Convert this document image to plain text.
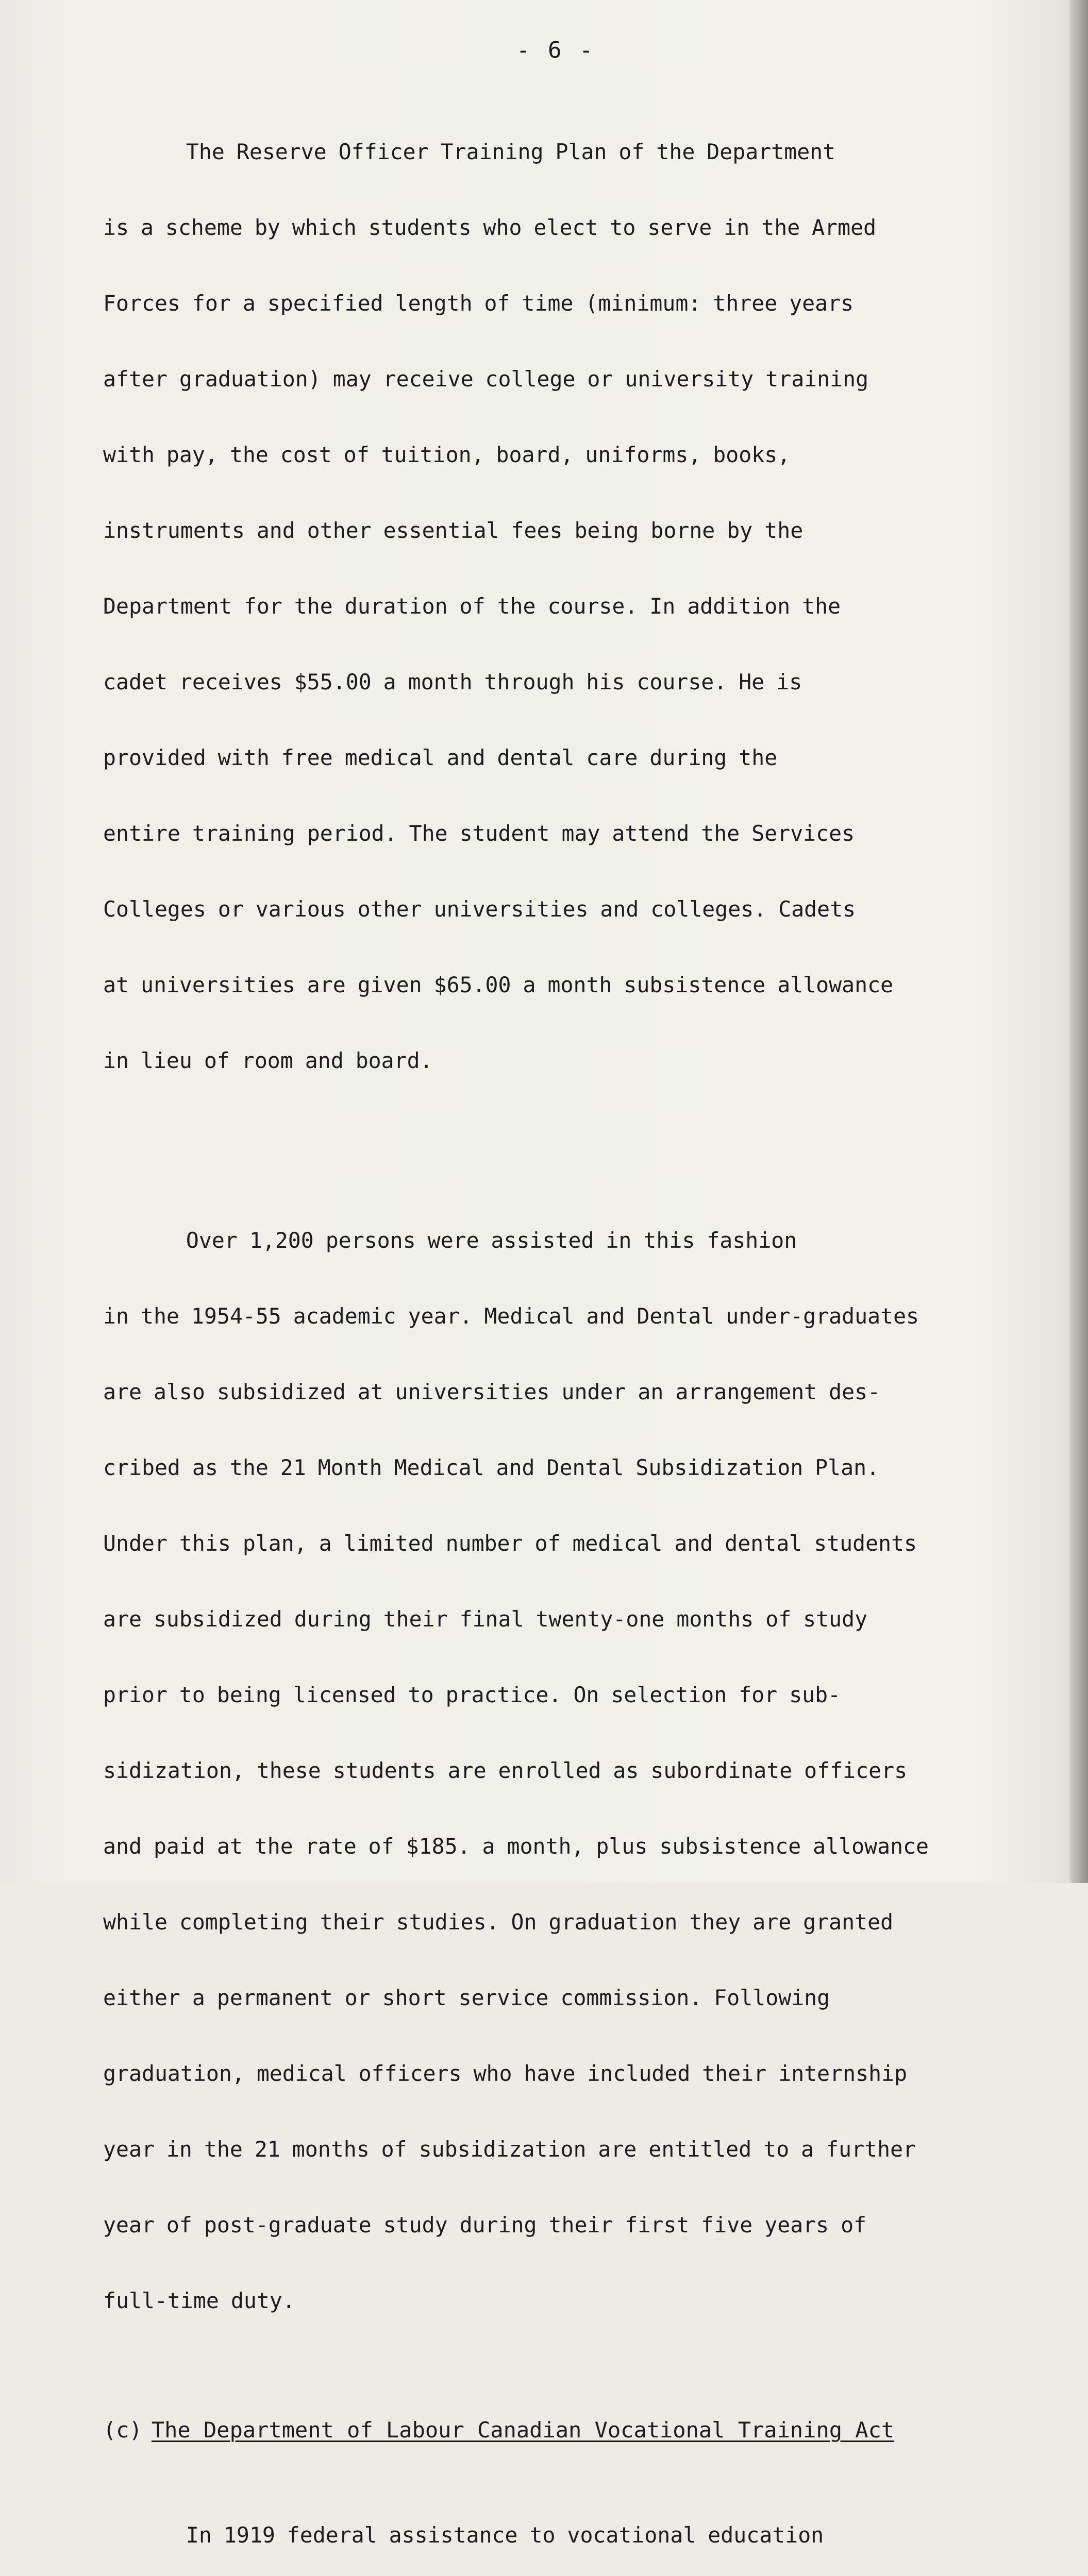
- 6 -

The Reserve Officer Training Plan of the Department

is a scheme by which students who elect to serve in the Armed

Forces for a specified length of time (minimum: three years

after graduation) may receive college or university training

with pay, the cost of tuition, board, uniforms, books,

instruments and other essential fees being borne by the

Department for the duration of the course. In addition the

cadet receives $55.00 a month through his course. He is

provided with free medical and dental care during the

entire training period. The student may attend the Services

Colleges or various other universities and colleges. Cadets

at universities are given $65.00 a month subsistence allowance

in lieu of room and board.

Over 1,200 persons were assisted in this fashion

in the 1954-55 academic year. Medical and Dental under-graduates

are also subsidized at universities under an arrangement des-

cribed as the 21 Month Medical and Dental Subsidization Plan.

Under this plan, a limited number of medical and dental students

are subsidized during their final twenty-one months of study

prior to being licensed to practice. On selection for sub-

sidization, these students are enrolled as subordinate officers

and paid at the rate of $185. a month, plus subsistence allowance

while completing their studies. On graduation they are granted

either a permanent or short service commission. Following

graduation, medical officers who have included their internship

year in the 21 months of subsidization are entitled to a further

year of post-graduate study during their first five years of

full-time duty.

(c) The Department of Labour Canadian Vocational Training Act

In 1919 federal assistance to vocational education
